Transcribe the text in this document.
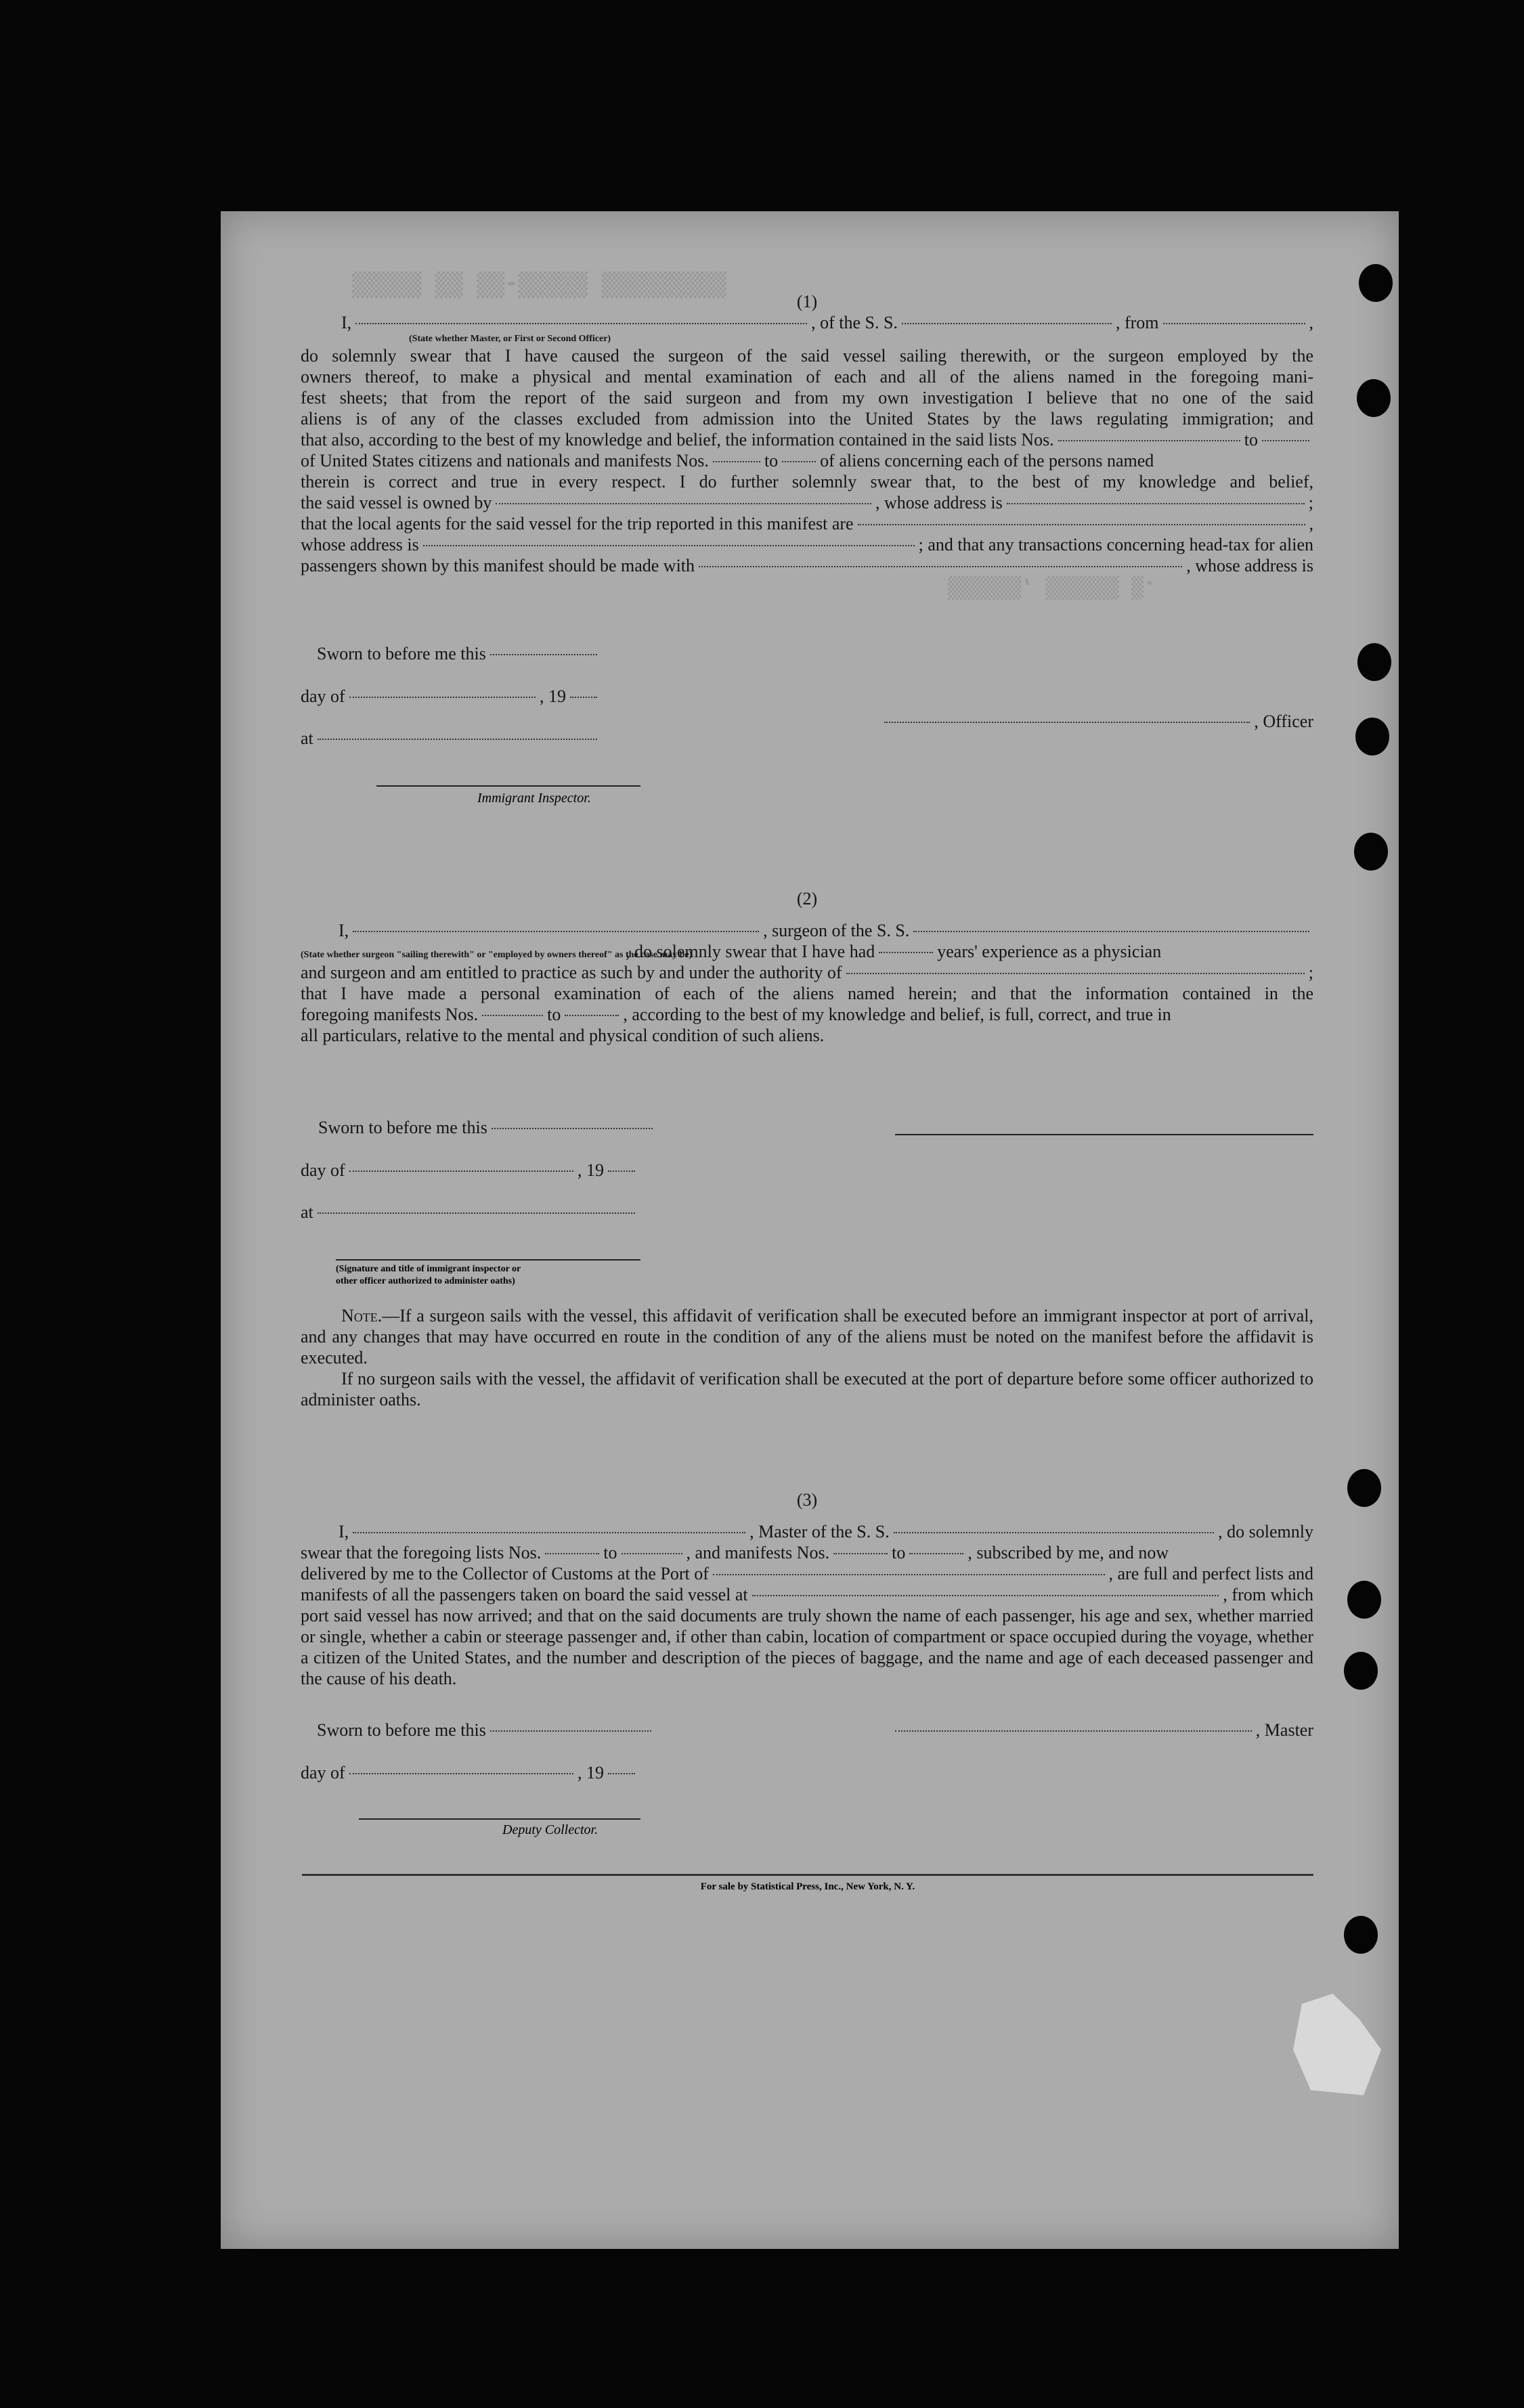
▒▒▒▒▒ ▒▒ ▒▒-▒▒▒▒▒ ▒▒▒▒▒▒▒▒▒
▒▒▒▒▒▒, ▒▒▒▒▒▒ ▒.
(1)
I,	, of the S. S.	, from	,
(State whether Master, or First or Second Officer)
do solemnly swear that I have caused the surgeon of the said vessel sailing therewith, or the surgeon employed by the
owners thereof, to make a physical and mental examination of each and all of the aliens named in the foregoing mani-
fest sheets; that from the report of the said surgeon and from my own investigation I believe that no one of the said
aliens is of any of the classes excluded from admission into the United States by the laws regulating immigration; and
that also, according to the best of my knowledge and belief, the information contained in the said lists Nos.	to
of United States citizens and nationals and manifests Nos.	to of aliens concerning each of the persons named
therein is correct and true in every respect. I do further solemnly swear that, to the best of my knowledge and belief,
the said vessel is owned by	, whose address is	;
that the local agents for the said vessel for the trip reported in this manifest are	,
whose address is	; and that any transactions concerning head-tax for alien
passengers shown by this manifest should be made with	, whose address is
Sworn to before me this
day of	, 19
at
, Officer
Immigrant Inspector.
(2)
I,	, surgeon of the S. S.
(State whether surgeon "sailing therewith" or "employed by owners thereof" as the case may be)
, do solemnly swear that I have had	years' experience as a physician
and surgeon and am entitled to practice as such by and under the authority of	;
that I have made a personal examination of each of the aliens named herein; and that the information contained in the
foregoing manifests Nos.	to	, according to the best of my knowledge and belief, is full, correct, and true in
all particulars, relative to the mental and physical condition of such aliens.
Sworn to before me this
day of	, 19
at
(Signature and title of immigrant inspector or
other officer authorized to administer oaths)
Note.—If a surgeon sails with the vessel, this affidavit of verification shall be executed before an immigrant inspector at port of arrival, and any changes that may have occurred en route in the condition of any of the aliens must be noted on the manifest before the affidavit is executed.
If no surgeon sails with the vessel, the affidavit of verification shall be executed at the port of departure before some officer authorized to administer oaths.
(3)
I,	, Master of the S. S.	, do solemnly
swear that the foregoing lists Nos.	to	, and manifests Nos.	to	, subscribed by me, and now
delivered by me to the Collector of Customs at the Port of	, are full and perfect lists and
manifests of all the passengers taken on board the said vessel at	, from which
port said vessel has now arrived; and that on the said documents are truly shown the name of each passenger, his age and sex, whether married or single, whether a cabin or steerage passenger and, if other than cabin, location of compartment or space occupied during the voyage, whether a citizen of the United States, and the number and description of the pieces of baggage, and the name and age of each deceased passenger and the cause of his death.
Sworn to before me this	, Master
day of	, 19
Deputy Collector.
For sale by Statistical Press, Inc., New York, N. Y.
